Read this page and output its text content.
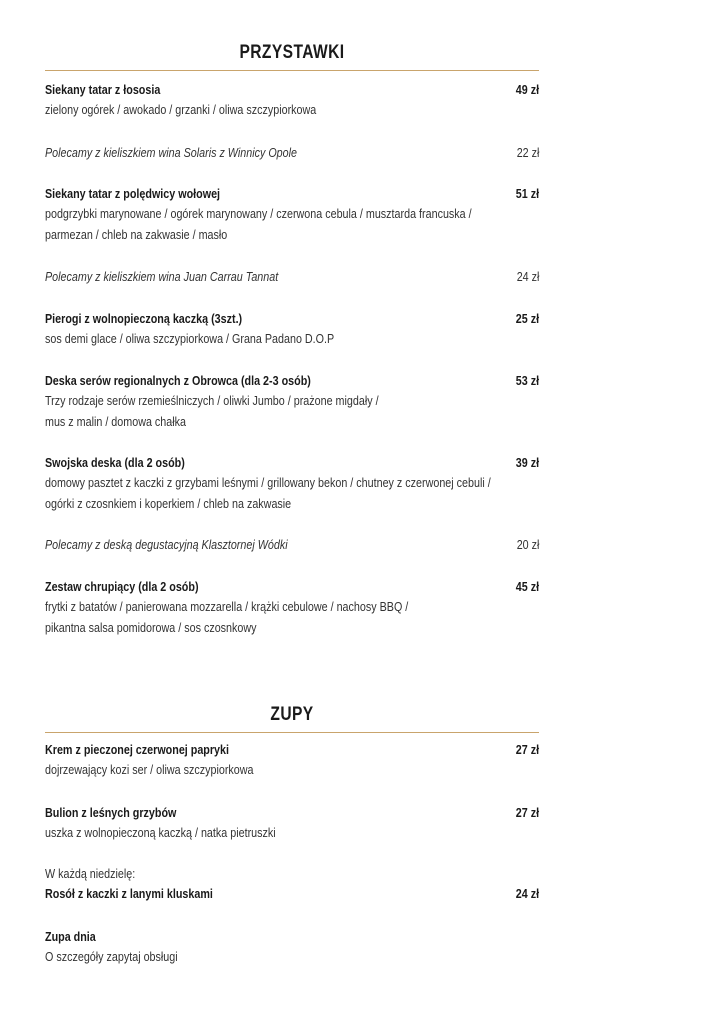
PRZYSTAWKI
Siekany tatar z łososia	49 zł
zielony ogórek / awokado / grzanki / oliwa szczypiorkowa
Polecamy z kieliszkiem wina Solaris z Winnicy Opole	22 zł
Siekany tatar z polędwicy wołowej	51 zł
podgrzybki marynowane / ogórek marynowany / czerwona cebula / musztarda francuska /
parmezan / chleb na zakwasie / masło
Polecamy z kieliszkiem wina Juan Carrau Tannat	24 zł
Pierogi z wolnopieczoną kaczką (3szt.)	25 zł
sos demi glace / oliwa szczypiorkowa / Grana Padano D.O.P
Deska serów regionalnych z Obrowca (dla 2-3 osób)	53 zł
Trzy rodzaje serów rzemieślniczych / oliwki Jumbo / prażone migdały /
mus z malin / domowa chałka
Swojska deska (dla 2 osób)	39 zł
domowy pasztet z kaczki z grzybami leśnymi / grillowany bekon / chutney z czerwonej cebuli /
ogórki z czosnkiem i koperkiem / chleb na zakwasie
Polecamy z deską degustacyjną Klasztornej Wódki	20 zł
Zestaw chrupiący (dla 2 osób)	45 zł
frytki z batatów / panierowana mozzarella / krążki cebulowe / nachosy BBQ /
pikantna salsa pomidorowa / sos czosnkowy
ZUPY
Krem z pieczonej czerwonej papryki	27 zł
dojrzewający kozi ser / oliwa szczypiorkowa
Bulion z leśnych grzybów	27 zł
uszka z wolnopieczoną kaczką / natka pietruszki
W każdą niedzielę:
Rosół z kaczki z lanymi kluskami	24 zł
Zupa dnia
O szczegóły zapytaj obsługi
